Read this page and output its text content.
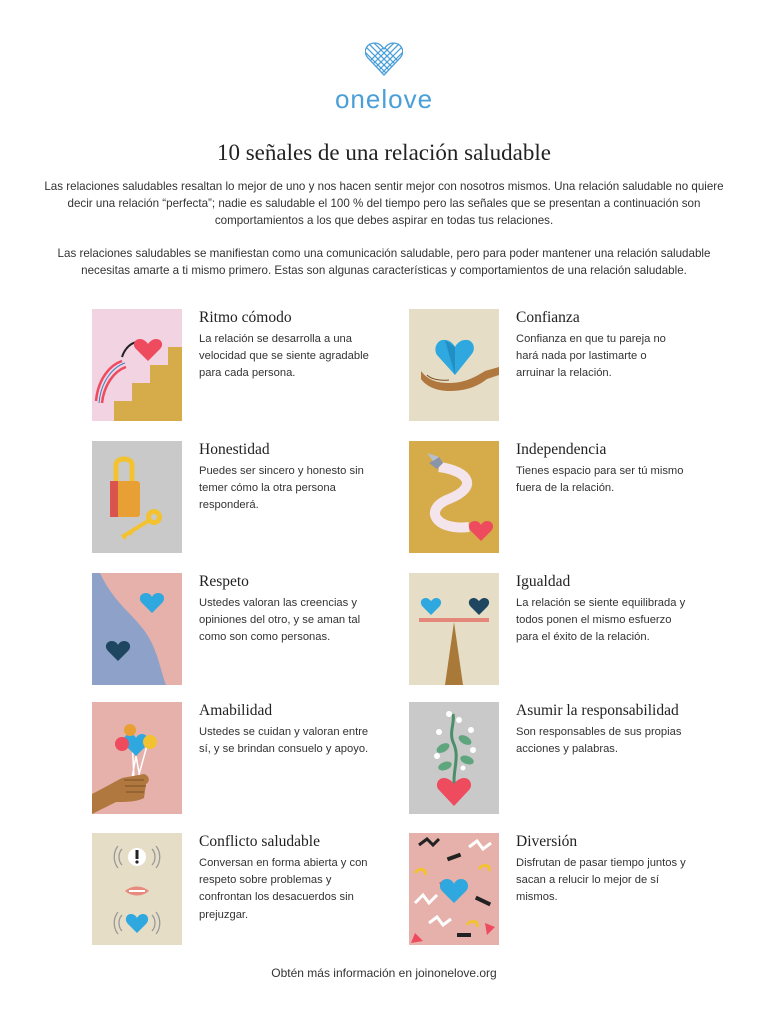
onelove
10 señales de una relación saludable
Las relaciones saludables resaltan lo mejor de uno y nos hacen sentir mejor con nosotros mismos. Una relación saludable no quiere decir una relación “perfecta”; nadie es saludable el 100 % del tiempo pero las señales que se presentan a continuación son comportamientos a los que debes aspirar en todas tus relaciones.
Las relaciones saludables se manifiestan como una comunicación saludable, pero para poder mantener una relación saludable necesitas amarte a ti mismo primero. Estas son algunas características y comportamientos de una relación saludable.
Ritmo cómodo

La relación se desarrolla a una velocidad que se siente agradable para cada persona.

Confianza

Confianza en que tu pareja no hará nada por lastimarte o arruinar la relación.

Honestidad

Puedes ser sincero y honesto sin temer cómo la otra persona responderá.

Independencia

Tienes espacio para ser tú mismo fuera de la relación.

Respeto

Ustedes valoran las creencias y opiniones del otro, y se aman tal como son como personas.

Igualdad

La relación se siente equilibrada y todos ponen el mismo esfuerzo para el éxito de la relación.

Amabilidad

Ustedes se cuidan y valoran entre sí, y se brindan consuelo y apoyo.

Asumir la responsabilidad

Son responsables de sus propias acciones y palabras.

Conflicto saludable

Conversan en forma abierta y con respeto sobre problemas y confrontan los desacuerdos sin prejuzgar.

Diversión

Disfrutan de pasar tiempo juntos y sacan a relucir lo mejor de sí mismos.

Obtén más información en joinonelove.org
